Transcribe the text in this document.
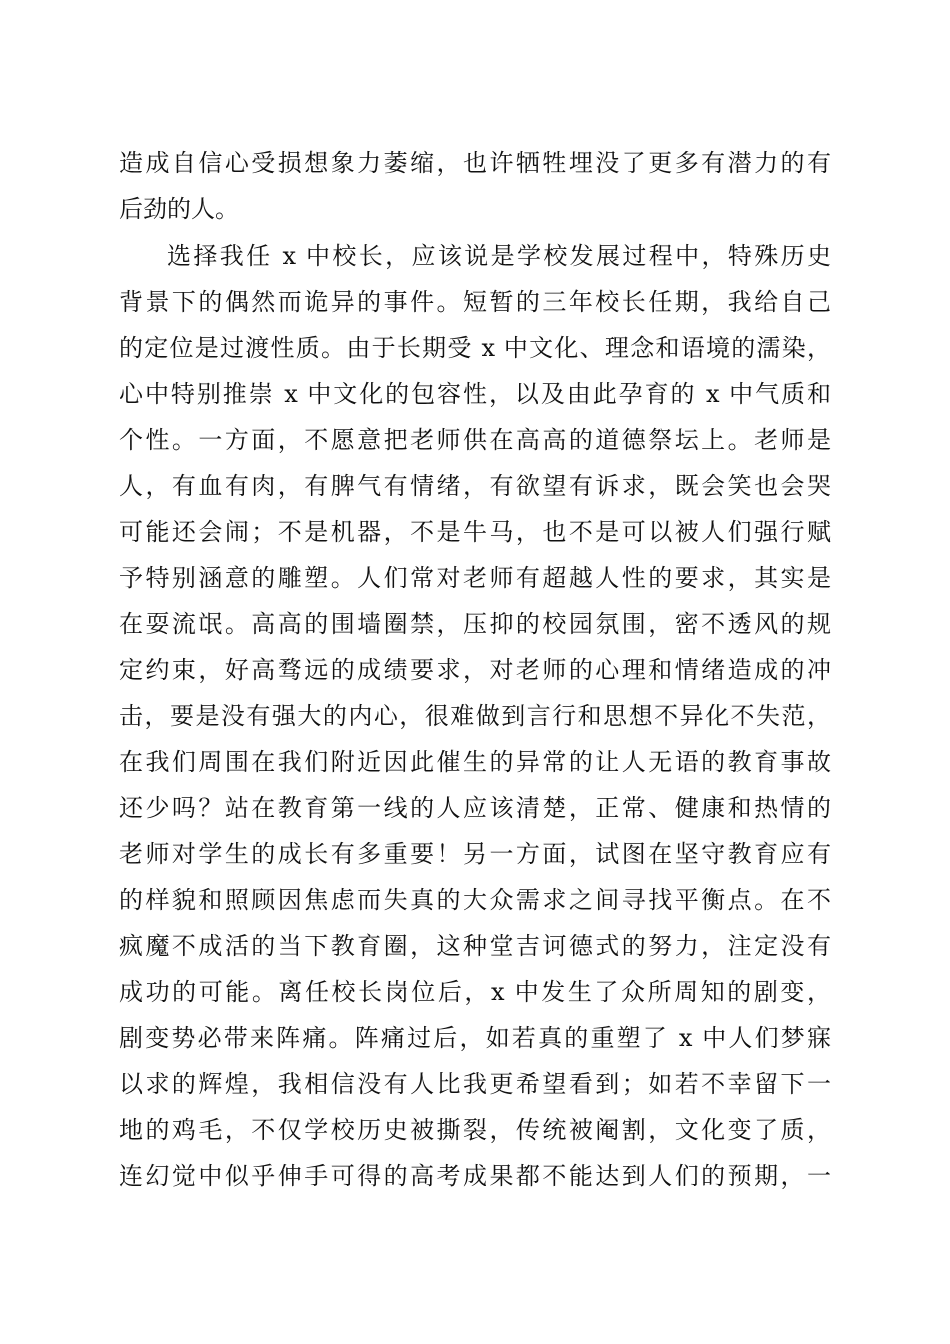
造成自信心受损想象力萎缩，也许牺牲埋没了更多有潜力的有
后劲的人。
选择我任 x 中校长，应该说是学校发展过程中，特殊历史
背景下的偶然而诡异的事件。短暂的三年校长任期，我给自己
的定位是过渡性质。由于长期受 x 中文化、理念和语境的濡染，
心中特别推崇 x 中文化的包容性，以及由此孕育的 x 中气质和
个性。一方面，不愿意把老师供在高高的道德祭坛上。老师是
人，有血有肉，有脾气有情绪，有欲望有诉求，既会笑也会哭
可能还会闹；不是机器，不是牛马，也不是可以被人们强行赋
予特别涵意的雕塑。人们常对老师有超越人性的要求，其实是
在耍流氓。高高的围墙圈禁，压抑的校园氛围，密不透风的规
定约束，好高骛远的成绩要求，对老师的心理和情绪造成的冲
击，要是没有强大的内心，很难做到言行和思想不异化不失范，
在我们周围在我们附近因此催生的异常的让人无语的教育事故
还少吗？站在教育第一线的人应该清楚，正常、健康和热情的
老师对学生的成长有多重要！另一方面，试图在坚守教育应有
的样貌和照顾因焦虑而失真的大众需求之间寻找平衡点。在不
疯魔不成活的当下教育圈，这种堂吉诃德式的努力，注定没有
成功的可能。离任校长岗位后，x 中发生了众所周知的剧变，
剧变势必带来阵痛。阵痛过后，如若真的重塑了 x 中人们梦寐
以求的辉煌，我相信没有人比我更希望看到；如若不幸留下一
地的鸡毛，不仅学校历史被撕裂，传统被阉割，文化变了质，
连幻觉中似乎伸手可得的高考成果都不能达到人们的预期，一
